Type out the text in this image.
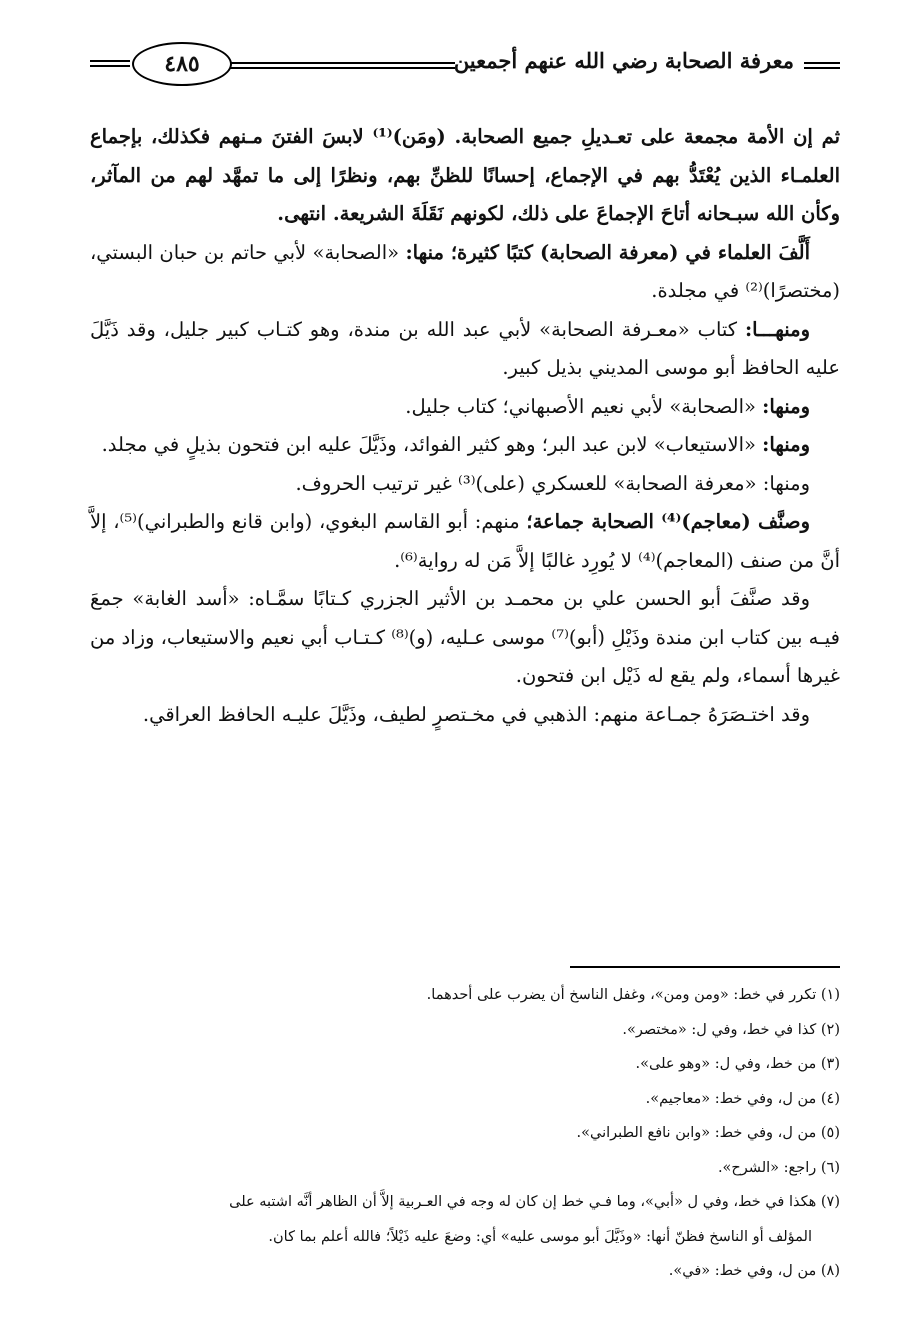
معرفة الصحابة رضي الله عنهم أجمعين
٤٨٥

ثم إن الأمة مجمعة على تعـديلِ جميع الصحابة. (ومَن)⁽¹⁾ لابسَ الفتنَ مـنهم فكذلك، بإجماع العلمـاء الذين يُعْتَدُّ بهم في الإجماع، إحسانًا للظنِّ بهم، ونظرًا إلى ما تمهَّد لهم من المآثر، وكأن الله سبـحانه أتاحَ الإجماعَ على ذلك، لكونهم نَقَلَةَ الشريعة. انتهى.

أَلَّفَ العلماء في (معرفة الصحابة) كتبًا كثيرة؛ منها: «الصحابة» لأبي حاتم بن حبان البستي، (مختصرًا)⁽²⁾ في مجلدة.

ومنهـــا: كتاب «معـرفة الصحابة» لأبي عبد الله بن مندة، وهو كتـاب كبير جليل، وقد ذَيَّلَ عليه الحافظ أبو موسى المديني بذيل كبير.

ومنها: «الصحابة» لأبي نعيم الأصبهاني؛ كتاب جليل.

ومنها: «الاستيعاب» لابن عبد البر؛ وهو كثير الفوائد، وذَيَّلَ عليه ابن فتحون بذيلٍ في مجلد.

ومنها: «معرفة الصحابة» للعسكري (على)⁽³⁾ غير ترتيب الحروف.

وصنَّف (معاجم)⁽⁴⁾ الصحابة جماعة؛ منهم: أبو القاسم البغوي، (وابن قانع والطبراني)⁽⁵⁾، إلاَّ أنَّ من صنف (المعاجم)⁽⁴⁾ لا يُورِد غالبًا إلاَّ مَن له رواية⁽⁶⁾.

وقد صنَّفَ أبو الحسن علي بن محمـد بن الأثير الجزري كـتابًا سمَّـاه: «أسد الغابة» جمعَ فيـه بين كتاب ابن مندة وذَيْلِ (أبو)⁽⁷⁾ موسى عـليه، (و)⁽⁸⁾ كـتـاب أبي نعيم والاستيعاب، وزاد من غيرها أسماء، ولم يقع له ذَيْل ابن فتحون.

وقد اختـصَرَهُ جمـاعة منهم: الذهبي في مخـتصرٍ لطيف، وذَيَّلَ عليـه الحافظ العراقي.

(١) تكرر في خط: «ومن ومن»، وغفل الناسخ أن يضرب على أحدهما.

(٢) كذا في خط، وفي ل: «مختصر».

(٣) من خط، وفي ل: «وهو على».

(٤) من ل، وفي خط: «معاجيم».

(٥) من ل، وفي خط: «وابن نافع الطبراني».

(٦) راجع: «الشرح».

(٧) هكذا في خط، وفي ل «أبي»، وما فـي خط إن كان له وجه في العـربية إلاَّ أن الظاهر أنَّه اشتبه على

المؤلف أو الناسخ فظنّ أنها: «وذَيَّلَ أبو موسى عليه» أي: وضعَ عليه ذَيْلاً؛ فالله أعلم بما كان.

(٨) من ل، وفي خط: «في».
